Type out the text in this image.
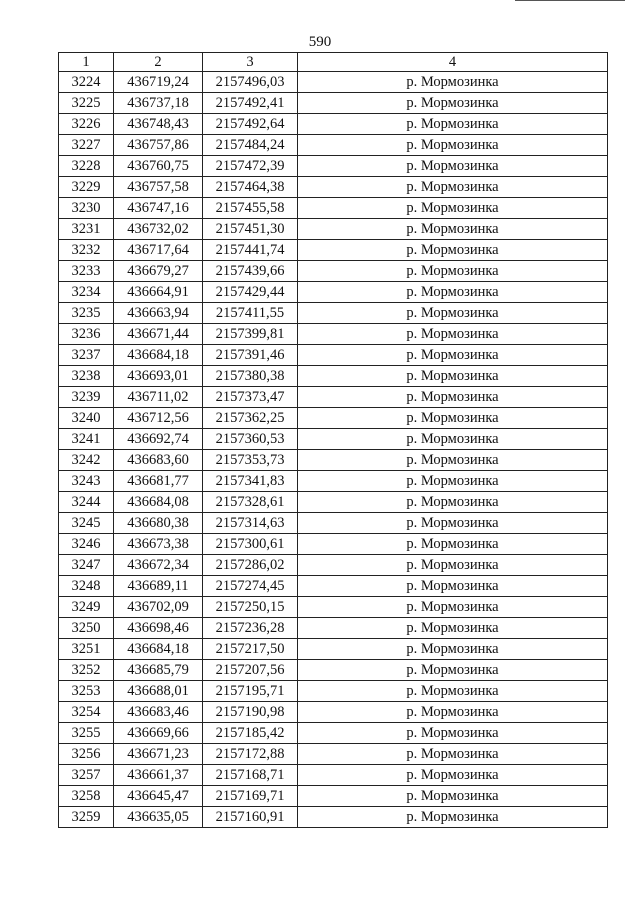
590
1	2	3	4
3224	436719,24	2157496,03	р. Мормозинка
3225	436737,18	2157492,41	р. Мормозинка
3226	436748,43	2157492,64	р. Мормозинка
3227	436757,86	2157484,24	р. Мормозинка
3228	436760,75	2157472,39	р. Мормозинка
3229	436757,58	2157464,38	р. Мормозинка
3230	436747,16	2157455,58	р. Мормозинка
3231	436732,02	2157451,30	р. Мормозинка
3232	436717,64	2157441,74	р. Мормозинка
3233	436679,27	2157439,66	р. Мормозинка
3234	436664,91	2157429,44	р. Мормозинка
3235	436663,94	2157411,55	р. Мормозинка
3236	436671,44	2157399,81	р. Мормозинка
3237	436684,18	2157391,46	р. Мормозинка
3238	436693,01	2157380,38	р. Мормозинка
3239	436711,02	2157373,47	р. Мормозинка
3240	436712,56	2157362,25	р. Мормозинка
3241	436692,74	2157360,53	р. Мормозинка
3242	436683,60	2157353,73	р. Мормозинка
3243	436681,77	2157341,83	р. Мормозинка
3244	436684,08	2157328,61	р. Мормозинка
3245	436680,38	2157314,63	р. Мормозинка
3246	436673,38	2157300,61	р. Мормозинка
3247	436672,34	2157286,02	р. Мормозинка
3248	436689,11	2157274,45	р. Мормозинка
3249	436702,09	2157250,15	р. Мормозинка
3250	436698,46	2157236,28	р. Мормозинка
3251	436684,18	2157217,50	р. Мормозинка
3252	436685,79	2157207,56	р. Мормозинка
3253	436688,01	2157195,71	р. Мормозинка
3254	436683,46	2157190,98	р. Мормозинка
3255	436669,66	2157185,42	р. Мормозинка
3256	436671,23	2157172,88	р. Мормозинка
3257	436661,37	2157168,71	р. Мормозинка
3258	436645,47	2157169,71	р. Мормозинка
3259	436635,05	2157160,91	р. Мормозинка
